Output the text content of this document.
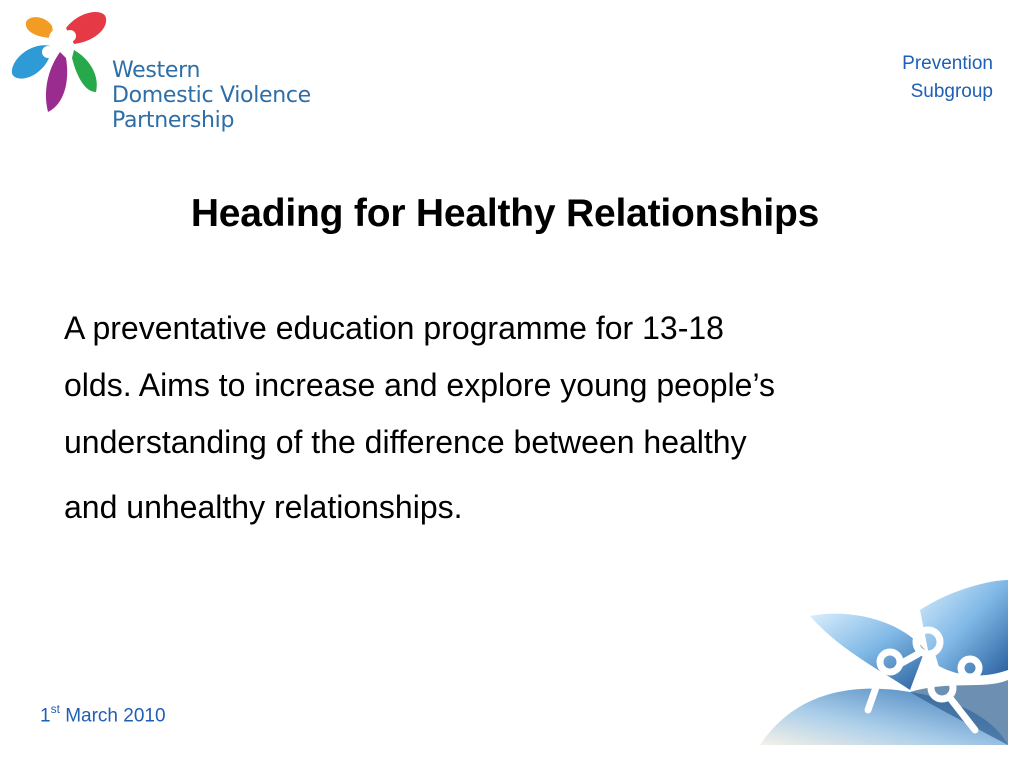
Western
Domestic Violence
Partnership
Prevention
Subgroup
Heading for Healthy Relationships
A preventative education programme for 13-18
olds. Aims to increase and explore young people’s
understanding of the difference between healthy
and unhealthy relationships.
1st March 2010
